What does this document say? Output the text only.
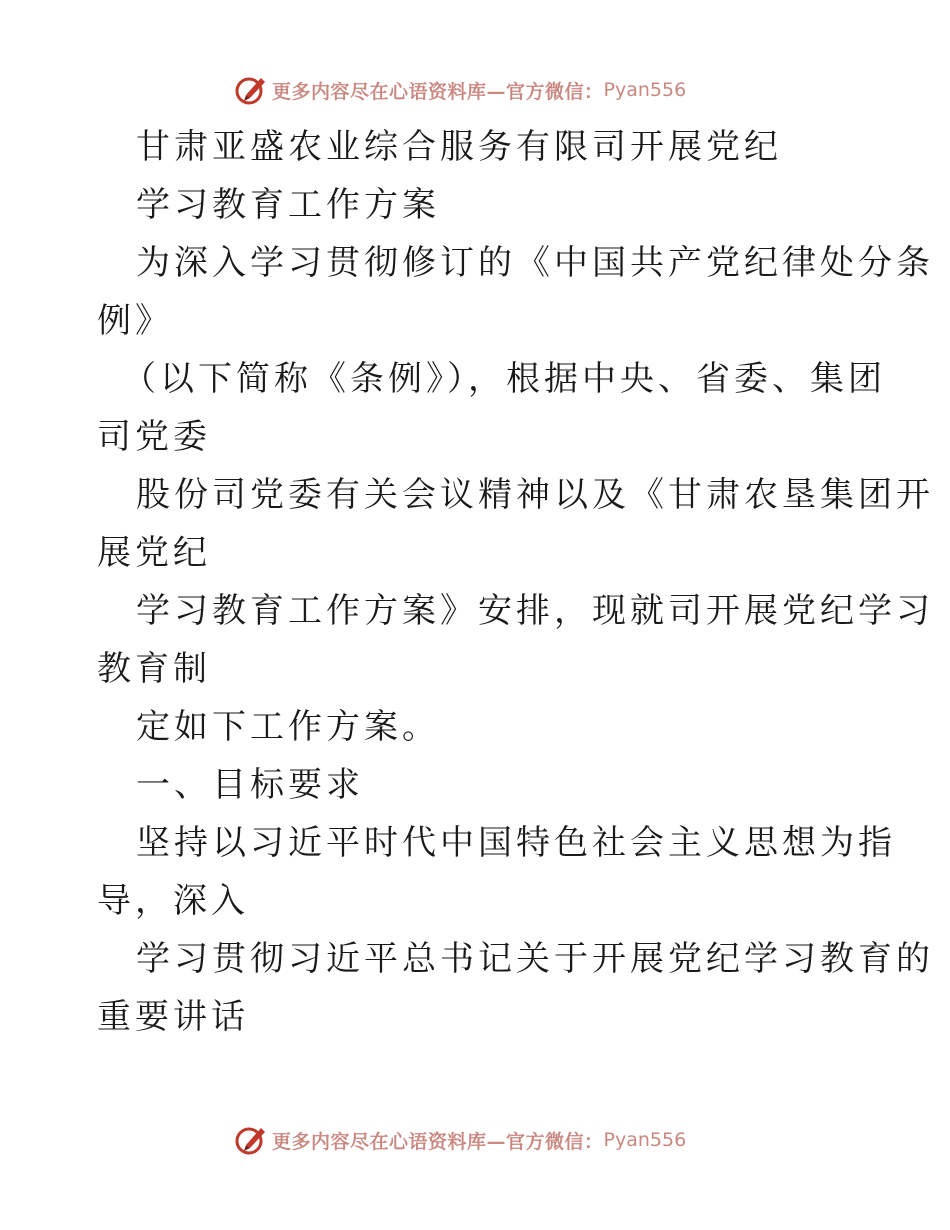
更多内容尽在心语资料库—官方微信： Pyan556
甘肃亚盛农业综合服务有限司开展党纪
学习教育工作方案
为深入学习贯彻修订的《中国共产党纪律处分条
例》
（以下简称《条例》），根据中央、省委、集团
司党委
股份司党委有关会议精神以及《甘肃农垦集团开
展党纪
学习教育工作方案》安排，现就司开展党纪学习
教育制
定如下工作方案。
一、目标要求
坚持以习近平时代中国特色社会主义思想为指
导，深入
学习贯彻习近平总书记关于开展党纪学习教育的
重要讲话
更多内容尽在心语资料库—官方微信： Pyan556
